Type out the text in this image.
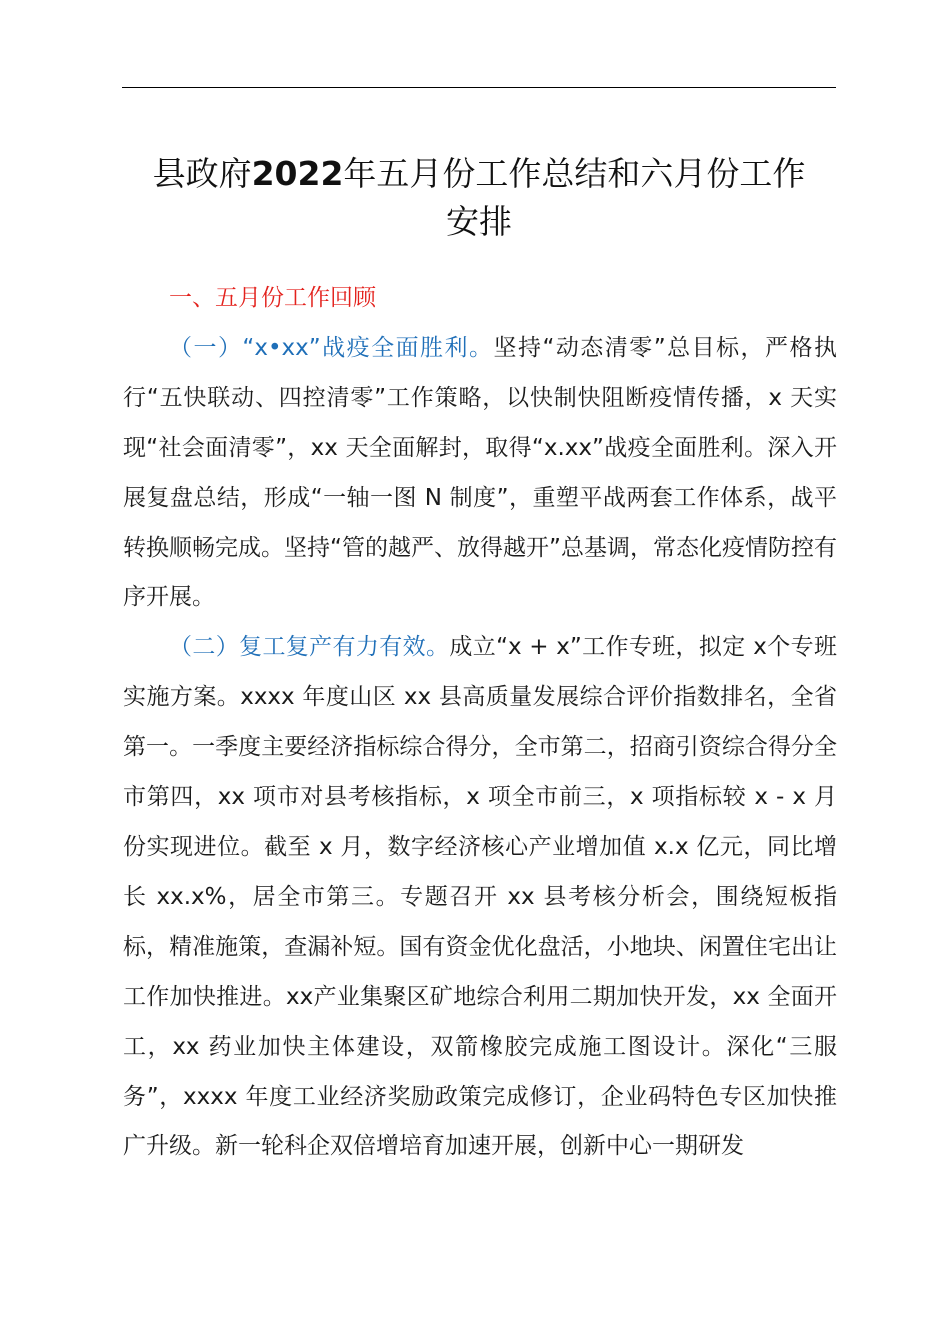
县政府2022年五月份工作总结和六月份工作
安排

一、五月份工作回顾

（一）“x•xx”战疫全面胜利。坚持“动态清零”总目标，严格执行“五快联动、四控清零”工作策略，以快制快阻断疫情传播，x 天实现“社会面清零”，xx 天全面解封，取得“x.xx”战疫全面胜利。深入开展复盘总结，形成“一轴一图 N 制度”，重塑平战两套工作体系，战平转换顺畅完成。坚持“管的越严、放得越开”总基调，常态化疫情防控有序开展。

（二）复工复产有力有效。成立“x + x”工作专班，拟定 x个专班实施方案。xxxx 年度山区 xx 县高质量发展综合评价指数排名，全省第一。一季度主要经济指标综合得分，全市第二，招商引资综合得分全市第四，xx 项市对县考核指标，x 项全市前三，x 项指标较 x - x 月份实现进位。截至 x 月，数字经济核心产业增加值 x.x 亿元，同比增长 xx.x%，居全市第三。专题召开 xx 县考核分析会，围绕短板指标，精准施策，查漏补短。国有资金优化盘活，小地块、闲置住宅出让工作加快推进。xx产业集聚区矿地综合利用二期加快开发，xx 全面开工，xx 药业加快主体建设，双箭橡胶完成施工图设计。深化“三服务”，xxxx 年度工业经济奖励政策完成修订，企业码特色专区加快推广升级。新一轮科企双倍增培育加速开展，创新中心一期研发
